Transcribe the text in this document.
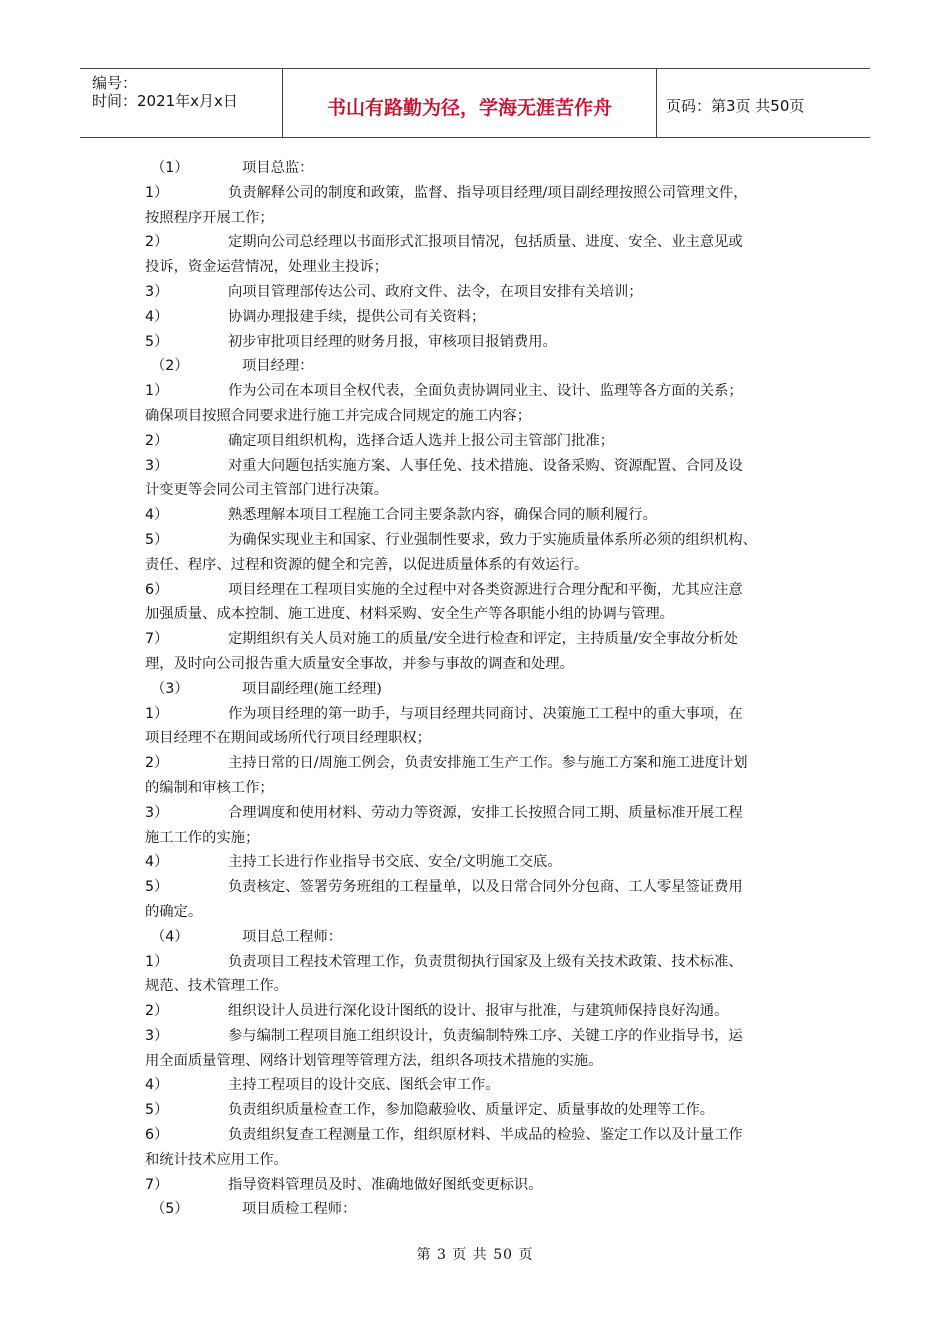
编号：
时间：2021年x月x日	书山有路勤为径，学海无涯苦作舟	页码：第3页 共50页
（1）	项目总监：
1）	负责解释公司的制度和政策，监督、指导项目经理/项目副经理按照公司管理文件，
按照程序开展工作；
2）	定期向公司总经理以书面形式汇报项目情况，包括质量、进度、安全、业主意见或
投诉，资金运营情况，处理业主投诉；
3）	向项目管理部传达公司、政府文件、法令，在项目安排有关培训；
4）	协调办理报建手续，提供公司有关资料；
5）	初步审批项目经理的财务月报，审核项目报销费用。
（2）	项目经理：
1）	作为公司在本项目全权代表，全面负责协调同业主、设计、监理等各方面的关系；
确保项目按照合同要求进行施工并完成合同规定的施工内容；
2）	确定项目组织机构，选择合适人选并上报公司主管部门批准；
3）	对重大问题包括实施方案、人事任免、技术措施、设备采购、资源配置、合同及设
计变更等会同公司主管部门进行决策。
4）	熟悉理解本项目工程施工合同主要条款内容，确保合同的顺利履行。
5）	为确保实现业主和国家、行业强制性要求，致力于实施质量体系所必须的组织机构、
责任、程序、过程和资源的健全和完善，以促进质量体系的有效运行。
6）	项目经理在工程项目实施的全过程中对各类资源进行合理分配和平衡，尤其应注意
加强质量、成本控制、施工进度、材料采购、安全生产等各职能小组的协调与管理。
7）	定期组织有关人员对施工的质量/安全进行检查和评定，主持质量/安全事故分析处
理，及时向公司报告重大质量安全事故，并参与事故的调查和处理。
（3）	项目副经理(施工经理)
1）	作为项目经理的第一助手，与项目经理共同商讨、决策施工工程中的重大事项，在
项目经理不在期间或场所代行项目经理职权；
2）	主持日常的日/周施工例会，负责安排施工生产工作。参与施工方案和施工进度计划
的编制和审核工作；
3）	合理调度和使用材料、劳动力等资源，安排工长按照合同工期、质量标准开展工程
施工工作的实施；
4）	主持工长进行作业指导书交底、安全/文明施工交底。
5）	负责核定、签署劳务班组的工程量单，以及日常合同外分包商、工人零星签证费用
的确定。
（4）	项目总工程师：
1）	负责项目工程技术管理工作，负责贯彻执行国家及上级有关技术政策、技术标准、
规范、技术管理工作。
2）	组织设计人员进行深化设计图纸的设计、报审与批准，与建筑师保持良好沟通。
3）	参与编制工程项目施工组织设计，负责编制特殊工序、关键工序的作业指导书，运
用全面质量管理、网络计划管理等管理方法，组织各项技术措施的实施。
4）	主持工程项目的设计交底、图纸会审工作。
5）	负责组织质量检查工作，参加隐蔽验收、质量评定、质量事故的处理等工作。
6）	负责组织复查工程测量工作，组织原材料、半成品的检验、鉴定工作以及计量工作
和统计技术应用工作。
7）	指导资料管理员及时、准确地做好图纸变更标识。
（5）	项目质检工程师：
第 3 页 共 50 页
